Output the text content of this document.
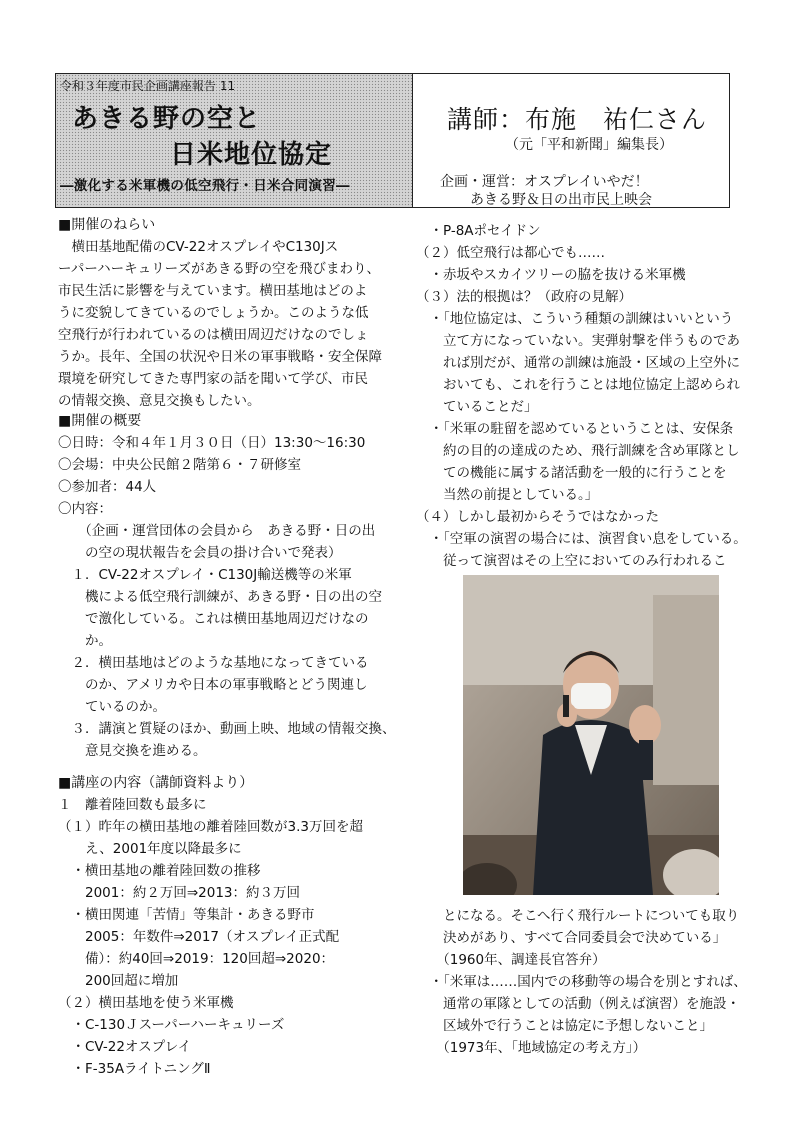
令和３年度市民企画講座報告 11
あきる野の空と
日米地位協定
―激化する米軍機の低空飛行・日米合同演習―
講師：布施　祐仁さん
（元「平和新聞」編集長）
企画・運営：オスプレイいやだ！
あきる野＆日の出市民上映会
■開催のねらい
　横田基地配備のCV-22オスプレイやC130Jス
ーパーハーキュリーズがあきる野の空を飛びまわり、
市民生活に影響を与えています。横田基地はどのよ
うに変貌してきているのでしょうか。このような低
空飛行が行われているのは横田周辺だけなのでしょ
うか。長年、全国の状況や日米の軍事戦略・安全保障
環境を研究してきた専門家の話を聞いて学び、市民
の情報交換、意見交換もしたい。
■開催の概要
〇日時：令和４年１月３０日（日）13:30～16:30
〇会場：中央公民館２階第６・７研修室
〇参加者：44人
〇内容：
　　（企画・運営団体の会員から　あきる野・日の出
　　の空の現状報告を会員の掛け合いで発表）
　１．CV-22オスプレイ・C130J輸送機等の米軍
　　機による低空飛行訓練が、あきる野・日の出の空
　　で激化している。これは横田基地周辺だけなの
　　か。
　２．横田基地はどのような基地になってきている
　　のか、アメリカや日本の軍事戦略とどう関連し
　　ているのか。
　３．講演と質疑のほか、動画上映、地域の情報交換、
　　意見交換を進める。
■講座の内容（講師資料より）
１　離着陸回数も最多に
（１）昨年の横田基地の離着陸回数が3.3万回を超
　　え、2001年度以降最多に
　・横田基地の離着陸回数の推移
　　2001：約２万回⇒2013：約３万回
　・横田関連「苦情」等集計・あきる野市
　　2005：年数件⇒2017（オスプレイ正式配
　　備）：約40回⇒2019：120回超⇒2020：
　　200回超に増加
（２）横田基地を使う米軍機
　・C-130Ｊスーパーハーキュリーズ
　・CV-22オスプレイ
　・F-35AライトニングⅡ
　・P-8Aポセイドン
（２）低空飛行は都心でも……
　・赤坂やスカイツリーの脇を抜ける米軍機
（３）法的根拠は？（政府の見解）
　・「地位協定は、こういう種類の訓練はいいという
　　立て方になっていない。実弾射撃を伴うものであ
　　れば別だが、通常の訓練は施設・区域の上空外に
　　おいても、これを行うことは地位協定上認められ
　　ていることだ」
　・「米軍の駐留を認めているということは、安保条
　　約の目的の達成のため、飛行訓練を含め軍隊とし
　　ての機能に属する諸活動を一般的に行うことを
　　当然の前提としている。」
（４）しかし最初からそうではなかった
　・「空軍の演習の場合には、演習食い息をしている。
　　従って演習はその上空においてのみ行われるこ
　　とになる。そこへ行く飛行ルートについても取り
　　決めがあり、すべて合同委員会で決めている」
　　（1960年、調達長官答弁）
　・「米軍は……国内での移動等の場合を別とすれば、
　　通常の軍隊としての活動（例えば演習）を施設・
　　区域外で行うことは協定に予想しないこと」
　　（1973年、「地域協定の考え方」）
